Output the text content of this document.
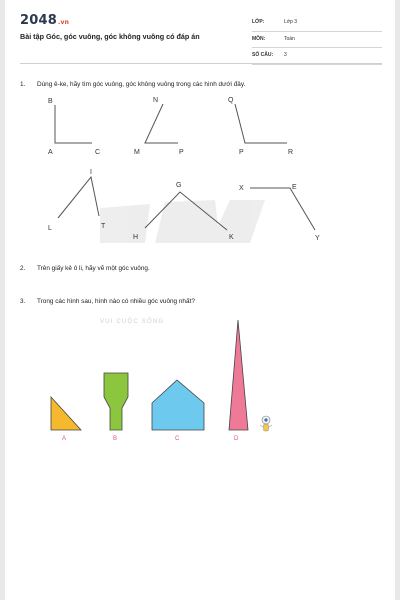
2048.vn
Bài tập Góc, góc vuông, góc không vuông có đáp án
LỚP:	Lớp 3
MÔN:	Toán
SỐ CÂU: 3
1. Dùng ê-ke, hãy tìm góc vuông, góc không vuông trong các hình dưới đây.
2. Trên giấy kẻ ô li, hãy vẽ một góc vuông.
3. Trong các hình sau, hình nào có nhiều góc vuông nhất?
B
A	C
N
M	P
Q
P	R
I
L	T
G
H	K
X	E
Y
VUI CUỘC SỐNG
A	B	C	D
